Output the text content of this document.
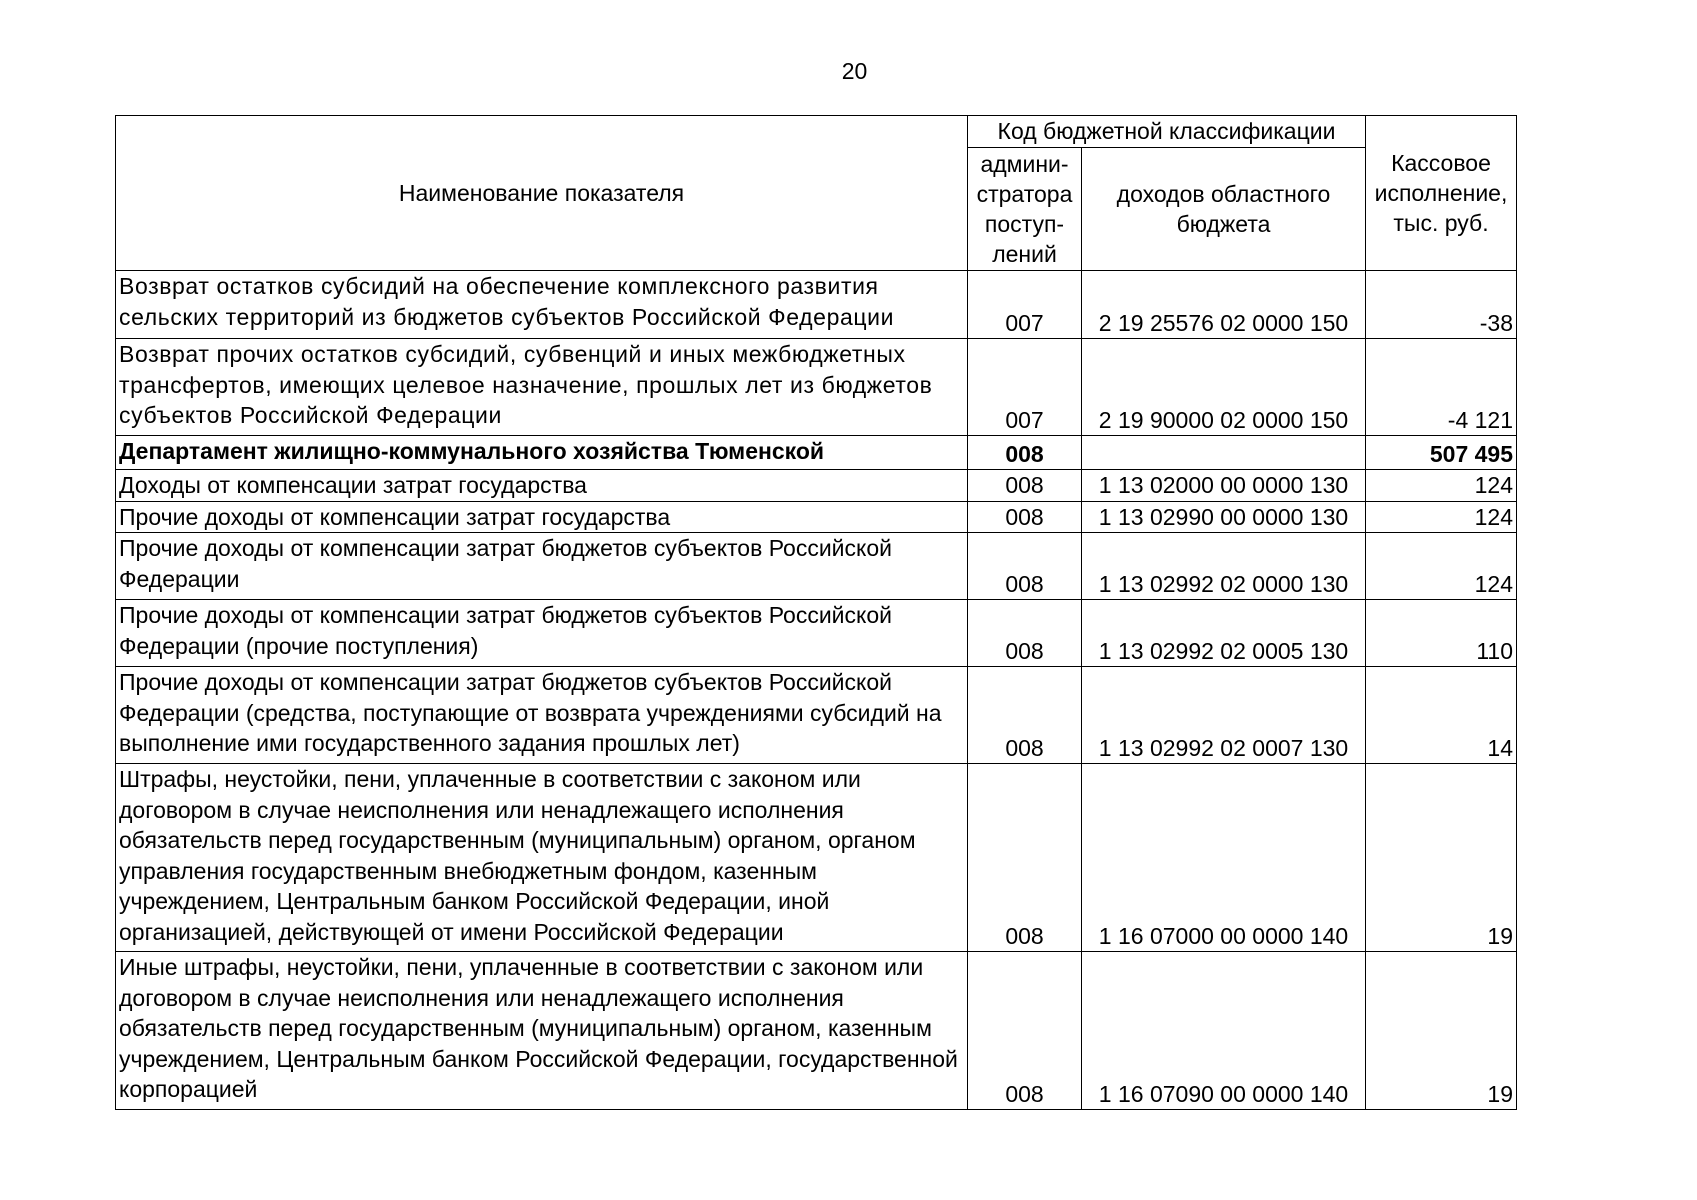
20
Наименование показателя	Код бюджетной классификации		Кассовое исполнение, тыс. руб.
	админи-стратора поступ-лений	доходов областного бюджета	
Возврат остатков субсидий на обеспечение комплексного развития сельских территорий из бюджетов субъектов Российской Федерации	007	2 19 25576 02 0000 150	-38
Возврат прочих остатков субсидий, субвенций и иных межбюджетных трансфертов, имеющих целевое назначение, прошлых лет из бюджетов субъектов Российской Федерации	007	2 19 90000 02 0000 150	-4 121
Департамент жилищно-коммунального хозяйства Тюменской	008		507 495
Доходы от компенсации затрат государства	008	1 13 02000 00 0000 130	124
Прочие доходы от компенсации затрат государства	008	1 13 02990 00 0000 130	124
Прочие доходы от компенсации затрат бюджетов субъектов Российской Федерации	008	1 13 02992 02 0000 130	124
Прочие доходы от компенсации затрат бюджетов субъектов Российской Федерации (прочие поступления)	008	1 13 02992 02 0005 130	110
Прочие доходы от компенсации затрат бюджетов субъектов Российской Федерации (средства, поступающие от возврата учреждениями субсидий на выполнение ими государственного задания прошлых лет)	008	1 13 02992 02 0007 130	14
Штрафы, неустойки, пени, уплаченные в соответствии с законом или договором в случае неисполнения или ненадлежащего исполнения обязательств перед государственным (муниципальным) органом, органом управления государственным внебюджетным фондом, казенным учреждением, Центральным банком Российской Федерации, иной организацией, действующей от имени Российской Федерации	008	1 16 07000 00 0000 140	19
Иные штрафы, неустойки, пени, уплаченные в соответствии с законом или договором в случае неисполнения или ненадлежащего исполнения обязательств перед государственным (муниципальным) органом, казенным учреждением, Центральным банком Российской Федерации, государственной корпорацией	008	1 16 07090 00 0000 140	19
